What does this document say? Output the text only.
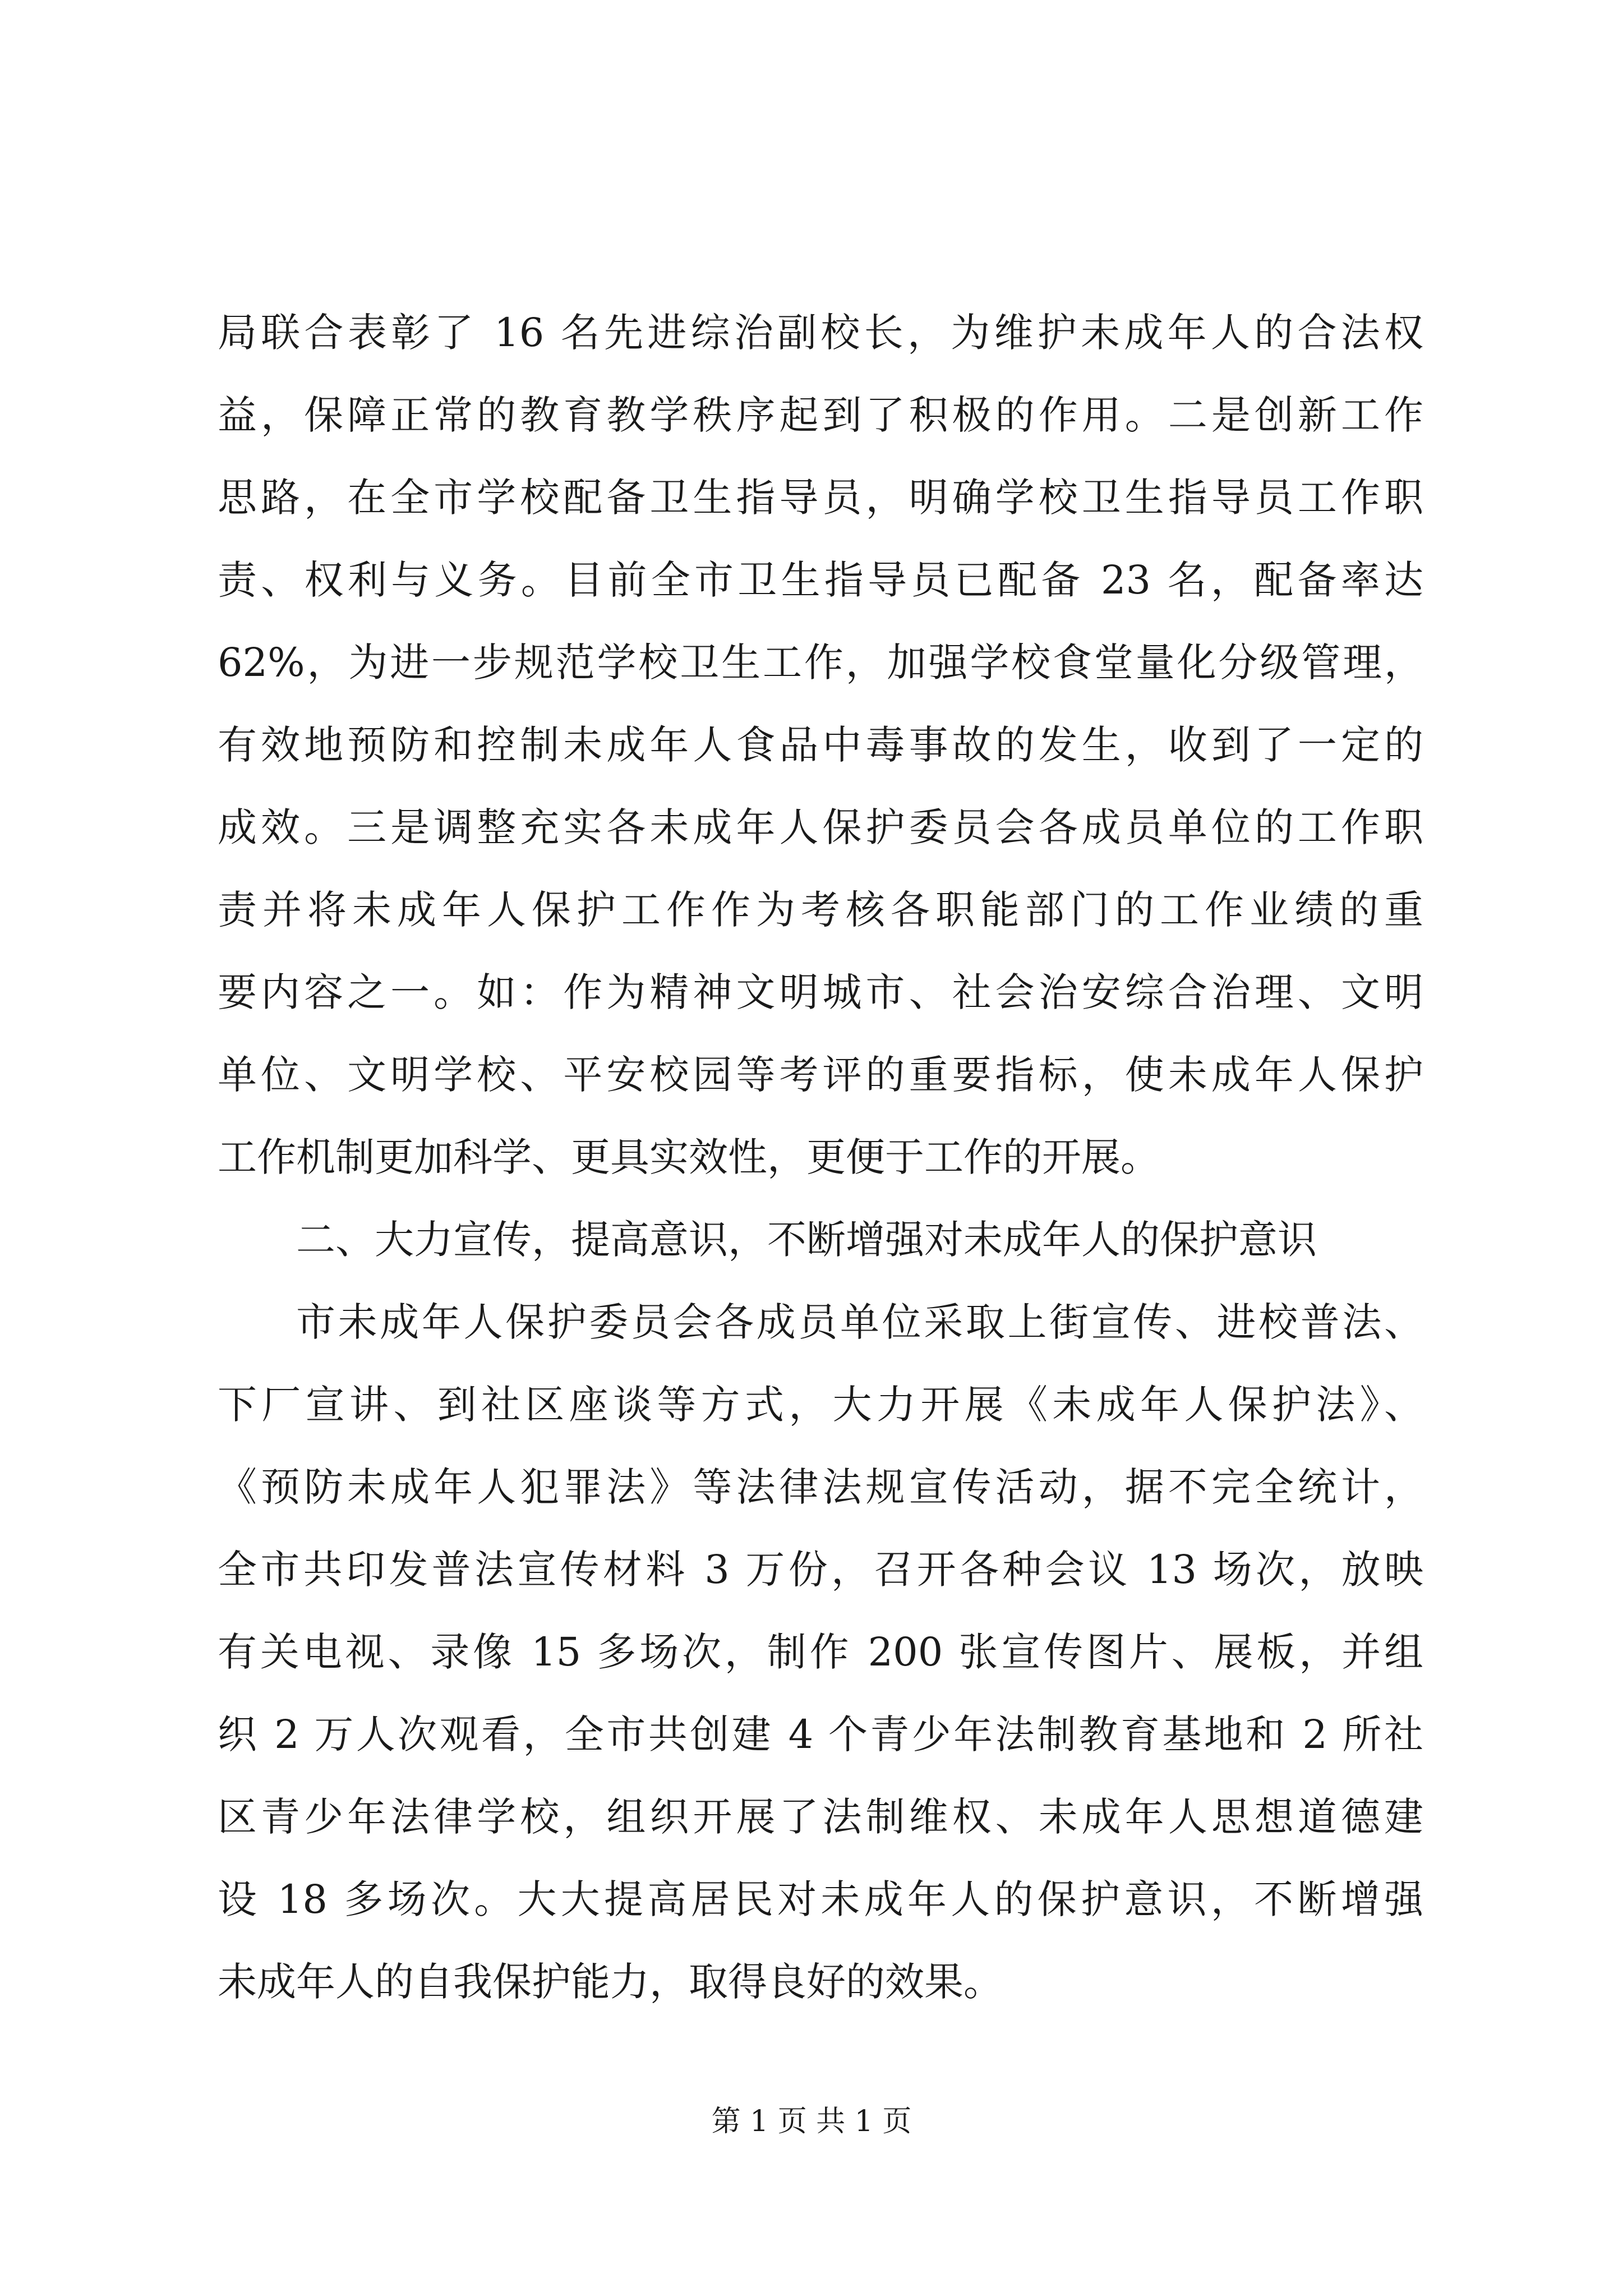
局联合表彰了 16 名先进综治副校长，为维护未成年人的合法权
益，保障正常的教育教学秩序起到了积极的作用。二是创新工作
思路，在全市学校配备卫生指导员，明确学校卫生指导员工作职
责、权利与义务。目前全市卫生指导员已配备 23 名，配备率达
62%，为进一步规范学校卫生工作，加强学校食堂量化分级管理，
有效地预防和控制未成年人食品中毒事故的发生，收到了一定的
成效。三是调整充实各未成年人保护委员会各成员单位的工作职
责并将未成年人保护工作作为考核各职能部门的工作业绩的重
要内容之一。如：作为精神文明城市、社会治安综合治理、文明
单位、文明学校、平安校园等考评的重要指标，使未成年人保护
工作机制更加科学、更具实效性，更便于工作的开展。
二、大力宣传，提高意识，不断增强对未成年人的保护意识
市未成年人保护委员会各成员单位采取上街宣传、进校普法、
下厂宣讲、到社区座谈等方式，大力开展《未成年人保护法》、
《预防未成年人犯罪法》等法律法规宣传活动，据不完全统计，
全市共印发普法宣传材料 3 万份，召开各种会议 13 场次，放映
有关电视、录像 15 多场次，制作 200 张宣传图片、展板，并组
织 2 万人次观看，全市共创建 4 个青少年法制教育基地和 2 所社
区青少年法律学校，组织开展了法制维权、未成年人思想道德建
设 18 多场次。大大提高居民对未成年人的保护意识，不断增强
未成年人的自我保护能力，取得良好的效果。
第 1 页 共 1 页
